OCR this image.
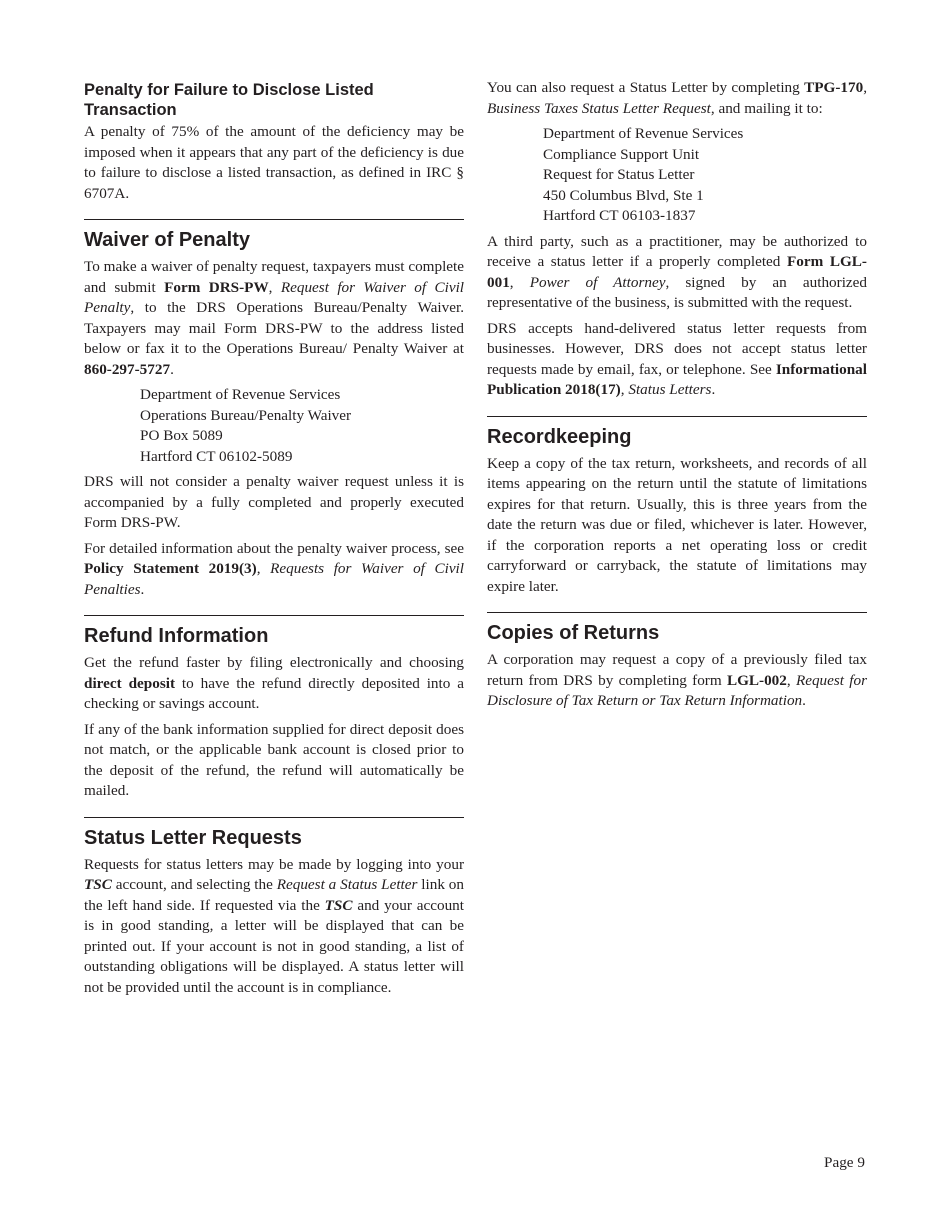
Penalty for Failure to Disclose Listed Transaction

A penalty of 75% of the amount of the deficiency may be imposed when it appears that any part of the deficiency is due to failure to disclose a listed transaction, as defined in IRC § 6707A.

Waiver of Penalty

To make a waiver of penalty request, taxpayers must complete and submit Form DRS-PW, Request for Waiver of Civil Penalty, to the DRS Operations Bureau/Penalty Waiver. Taxpayers may mail Form DRS-PW to the address listed below or fax it to the Operations Bureau/ Penalty Waiver at 860-297-5727.

Department of Revenue Services
Operations Bureau/Penalty Waiver
PO Box 5089
Hartford CT 06102-5089

DRS will not consider a penalty waiver request unless it is accompanied by a fully completed and properly executed Form DRS-PW.

For detailed information about the penalty waiver process, see Policy Statement 2019(3), Requests for Waiver of Civil Penalties.

Refund Information

Get the refund faster by filing electronically and choosing direct deposit to have the refund directly deposited into a checking or savings account.

If any of the bank information supplied for direct deposit does not match, or the applicable bank account is closed prior to the deposit of the refund, the refund will automatically be mailed.

Status Letter Requests

Requests for status letters may be made by logging into your TSC account, and selecting the Request a Status Letter link on the left hand side. If requested via the TSC and your account is in good standing, a letter will be displayed that can be printed out. If your account is not in good standing, a list of outstanding obligations will be displayed. A status letter will not be provided until the account is in compliance.

You can also request a Status Letter by completing TPG-170, Business Taxes Status Letter Request, and mailing it to:

Department of Revenue Services
Compliance Support Unit
Request for Status Letter
450 Columbus Blvd, Ste 1
Hartford CT 06103-1837

A third party, such as a practitioner, may be authorized to receive a status letter if a properly completed Form LGL-001, Power of Attorney, signed by an authorized representative of the business, is submitted with the request.

DRS accepts hand-delivered status letter requests from businesses. However, DRS does not accept status letter requests made by email, fax, or telephone. See Informational Publication 2018(17), Status Letters.

Recordkeeping

Keep a copy of the tax return, worksheets, and records of all items appearing on the return until the statute of limitations expires for that return. Usually, this is three years from the date the return was due or filed, whichever is later. However, if the corporation reports a net operating loss or credit carryforward or carryback, the statute of limitations may expire later.

Copies of Returns

A corporation may request a copy of a previously filed tax return from DRS by completing form LGL-002, Request for Disclosure of Tax Return or Tax Return Information.

Page 9
